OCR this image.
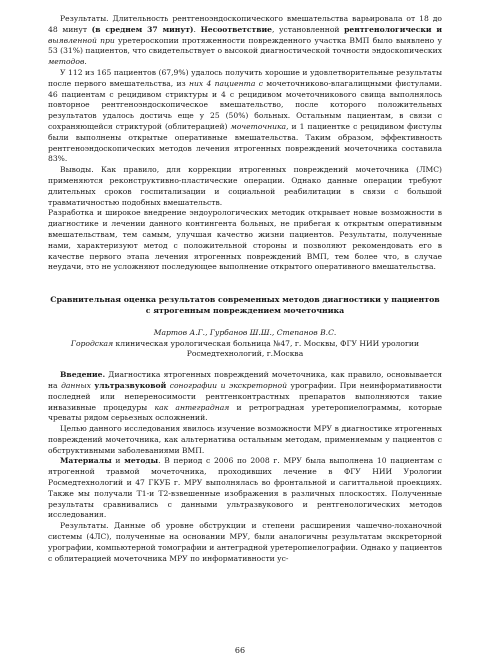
Результаты. Длительность рентгеноэндоскопического вмешательства варьировала от 18 до 48 минут (в среднем 37 минут). Несоответствие, установленной рентгенологически и выявленной при уретероскопии протяженности поврежденного участка ВМП было выявлено у 53 (31%) пациентов, что свидетельствует о высокой диагностической точности эндоскопических методов.

У 112 из 165 пациентов (67,9%) удалось получить хорошие и удовлетворительные результаты после первого вмешательства, из них 4 пациента с мочеточниково-влагалищными фистулами. 46 пациентам с рецидивом стриктуры и 4 с рецидивом мочеточникового свища выполнялось повторное рентгеноэндоскопическое вмешательство, после которого положительных результатов удалось достичь еще у 25 (50%) больных. Остальным пациентам, в связи с сохраняющейся стриктурой (облитерацией) мочеточника, и 1 пациентке с рецидивом фистулы были выполнены открытые оперативные вмешательства. Таким образом, эффективность рентгеноэндоскопических методов лечения ятрогенных повреждений мочеточника составила 83%.

Выводы. Как правило, для коррекции ятрогенных повреждений мочеточника (ЛМС) применяются реконструктивно-пластические операции. Однако данные операции требуют длительных сроков госпитализации и социальной реабилитации в связи с большой травматичностью подобных вмешательств.

Разработка и широкое внедрение эндоурологических методик открывает новые возможности в диагностике и лечении данного контингента больных, не прибегая к открытым оперативным вмешательствам, тем самым, улучшая качество жизни пациентов. Результаты, полученные нами, характеризуют метод с положительной стороны и позволяют рекомендовать его в качестве первого этапа лечения ятрогенных повреждений ВМП, тем более что, в случае неудачи, это не усложняют последующее выполнение открытого оперативного вмешательства.

Сравнительная оценка результатов современных методов диагностики у пациентов

с ятрогенным повреждением мочеточника

Мартов А.Г., Гурбанов Ш.Ш., Степанов В.С.

Городская клиническая урологическая больница №47, г. Москвы, ФГУ НИИ урологии

Росмедтехнологий, г.Москва

Введение. Диагностика ятрогенных повреждений мочеточника, как правило, основывается на данных ультразвуковой сонографии и экскреторной урографии. При неинформативности последней или непереносимости рентгенконтрастных препаратов выполняются такие инвазивные процедуры как антеградная и ретроградная уретеропиелограммы, которые чреваты рядом серьезных осложнений.

Целью данного исследования явилось изучение возможности МРУ в диагностике ятрогенных повреждений мочеточника, как альтернатива остальным методам, применяемым у пациентов с обструктивными заболеваниями ВМП.

Материалы и методы. В период с 2006 по 2008 г. МРУ была выполнена 10 пациентам с ятрогенной травмой мочеточника, проходивших лечение в ФГУ НИИ Урологии Росмедтехнологий и 47 ГКУБ г. МРУ выполнялась во фронтальной и сагиттальной проекциях. Также мы получали Т1-и Т2-взвешенные изображения в различных плоскостях. Полученные результаты сравнивались с данными ультразвукового и рентгенологических методов исследования.

Результаты. Данные об уровне обструкции и степени расширения чашечно-лоханочной системы (4ЛС), полученные на основании МРУ, были аналогичны результатам экскреторной урографии, компьютерной томографии и антеградной уретеропиелографии. Однако у пациентов с облитерацией мочеточника МРУ по информативности ус-

66
